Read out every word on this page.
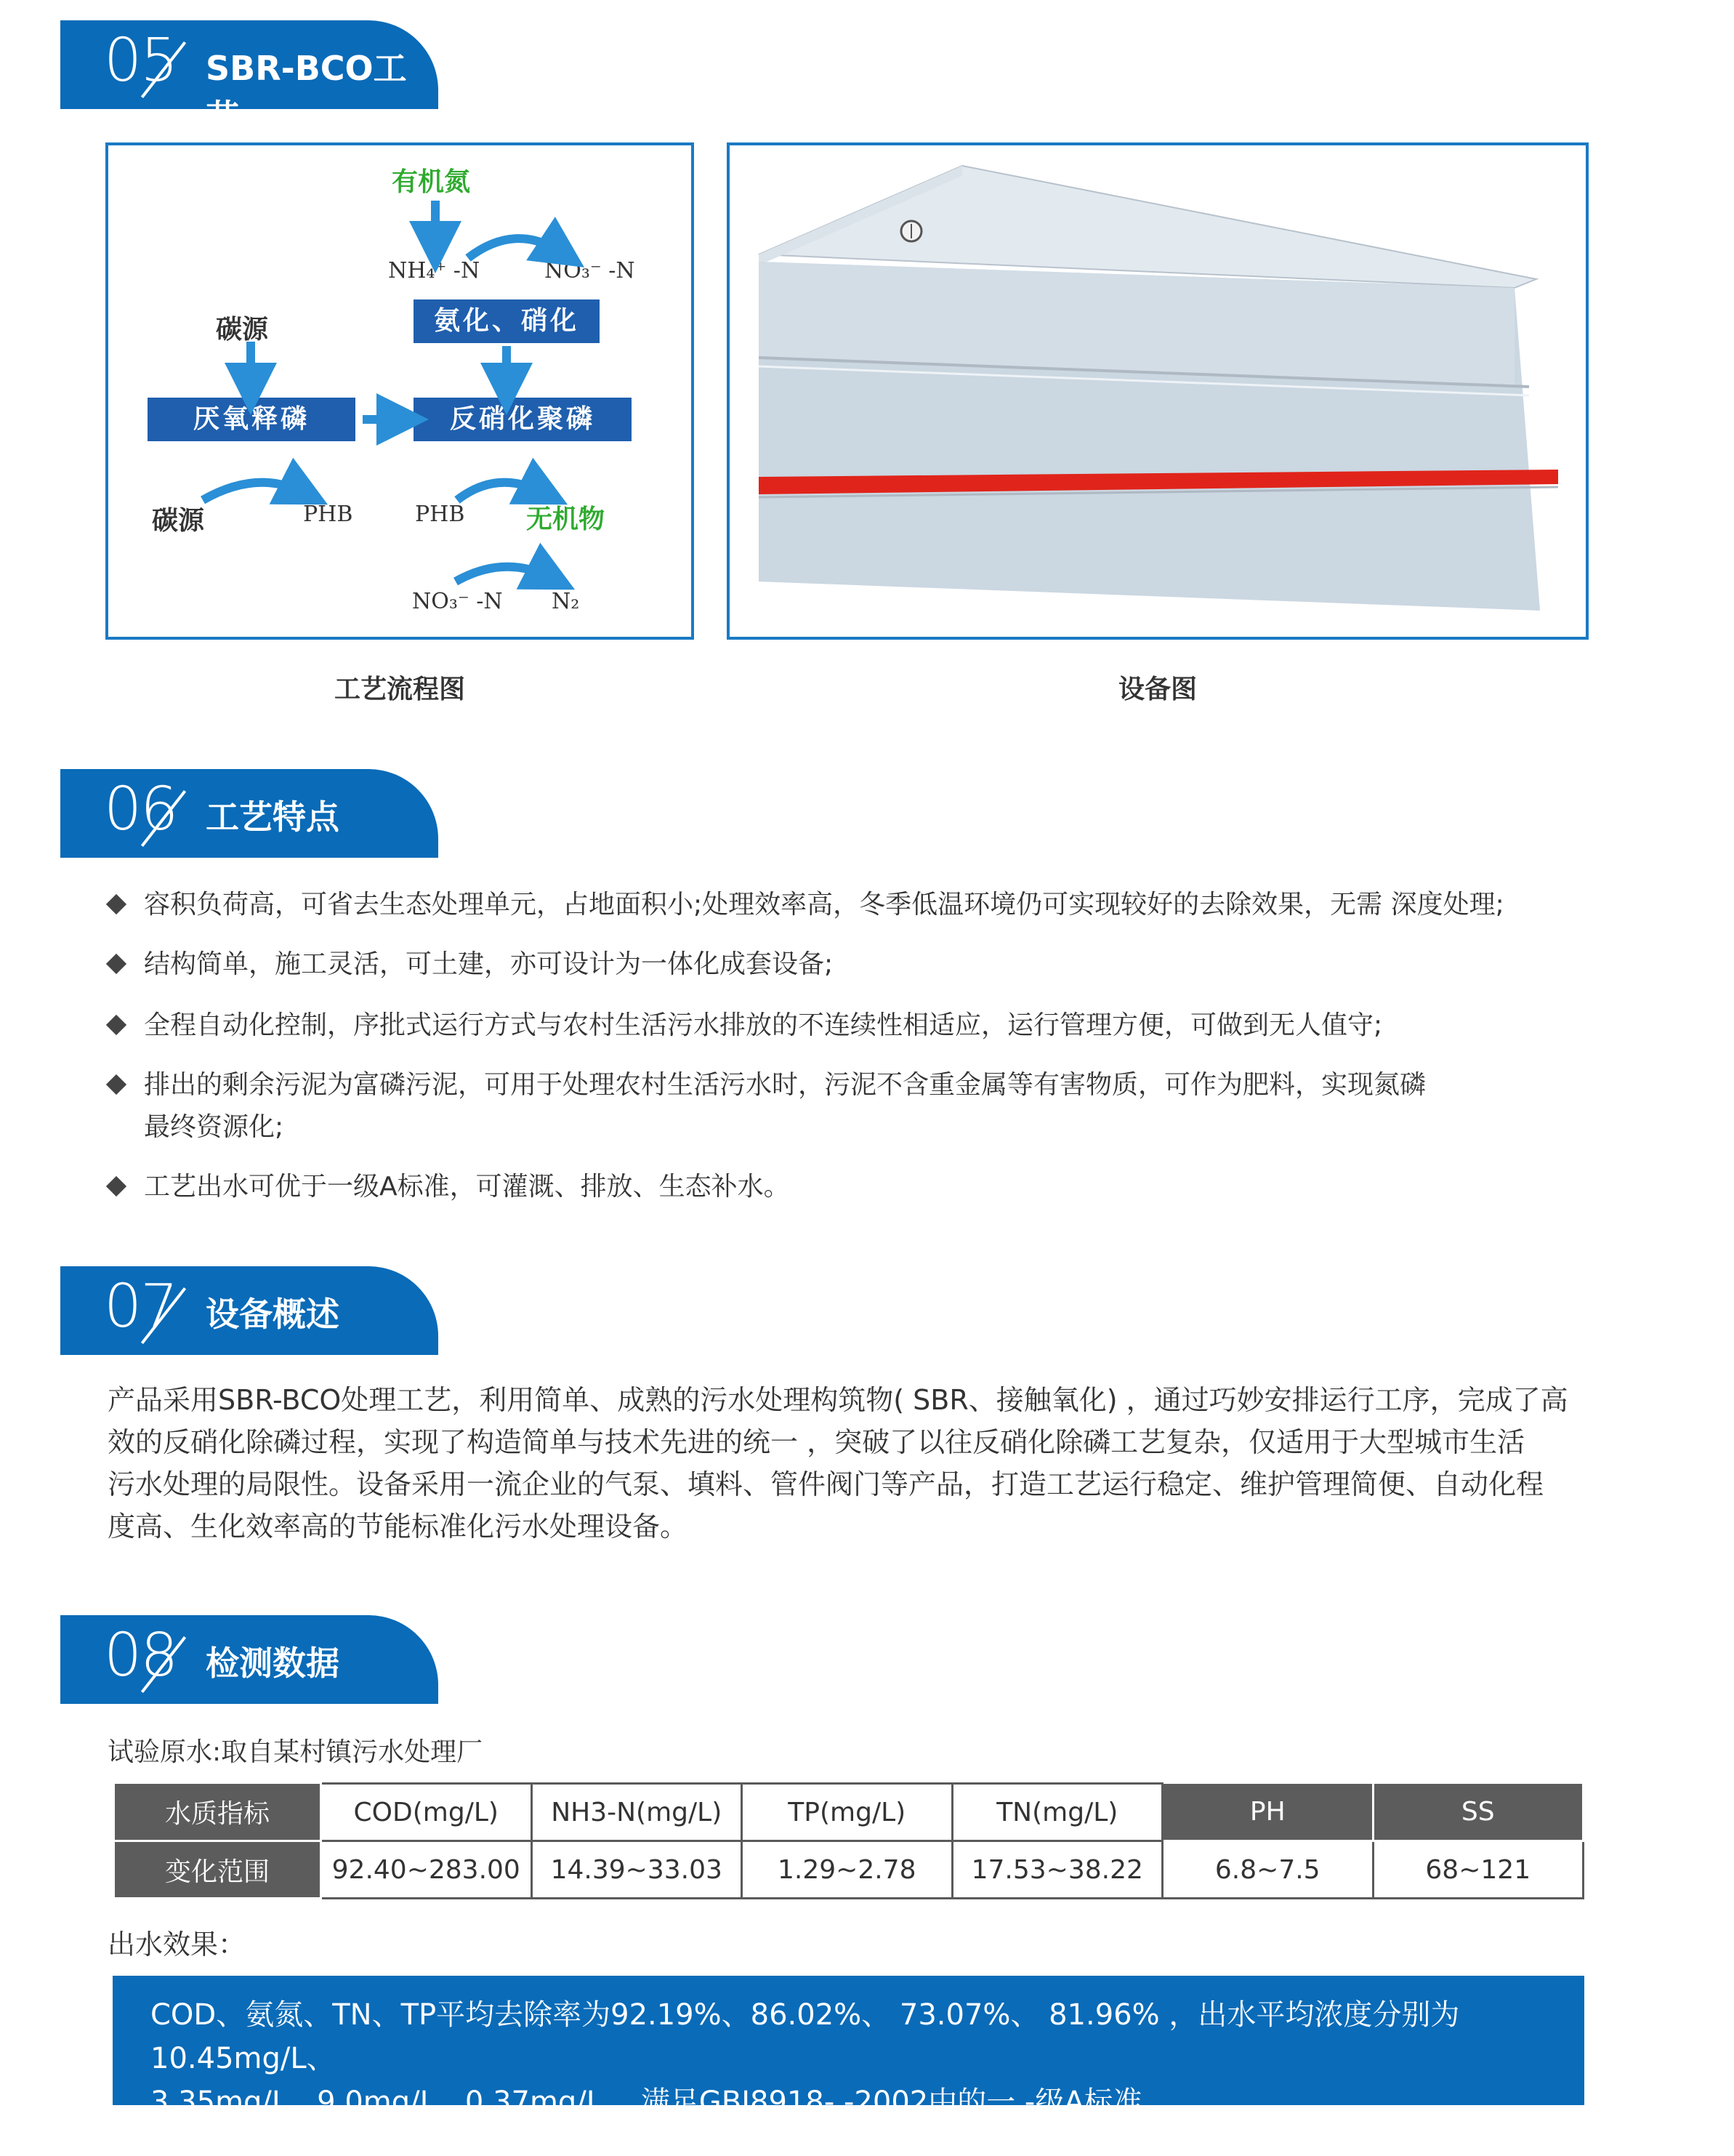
05 SBR-BCO工艺
有机氮
NH₄⁺ -N	NO₃⁻ -N
氨化、硝化
碳源
厌氧释磷	反硝化聚磷
碳源	PHB	PHB 无机物
NO₃⁻ -N N₂
工艺流程图	设备图
06 工艺特点
容积负荷高，可省去生态处理单元，占地面积小;处理效率高，冬季低温环境仍可实现较好的去除效果，无需 深度处理;
结构简单，施工灵活，可土建，亦可设计为一体化成套设备;
全程自动化控制，序批式运行方式与农村生活污水排放的不连续性相适应，运行管理方便，可做到无人值守;
排出的剩余污泥为富磷污泥，可用于处理农村生活污水时，污泥不含重金属等有害物质，可作为肥料，实现氮磷
最终资源化;
工艺出水可优于一级A标准，可灌溉、排放、生态补水。
07 设备概述
产品采用SBR-BCO处理工艺，利用简单、成熟的污水处理构筑物( SBR、接触氧化) ，通过巧妙安排运行工序，完成了高
效的反硝化除磷过程，实现了构造简单与技术先进的统一 ，突破了以往反硝化除磷工艺复杂，仅适用于大型城市生活
污水处理的局限性。设备采用一流企业的气泵、填料、管件阀门等产品，打造工艺运行稳定、维护管理简便、自动化程
度高、生化效率高的节能标准化污水处理设备。
08 检测数据
试验原水:取自某村镇污水处理厂
水质指标	COD(mg/L)	NH3-N(mg/L)	TP(mg/L)	TN(mg/L)	PH	SS
变化范围	92.40~283.00	14.39~33.03	1.29~2.78	17.53~38.22	6.8~7.5	68~121
出水效果：
COD、氨氮、TN、TP平均去除率为92.19%、86.02%、 73.07%、 81.96% ，出水平均浓度分别为10.45mg/L、
3.35mg/L、9.0mg/L、0.37mg/L ，满足GBI8918- -2002中的一 -级A标准。
